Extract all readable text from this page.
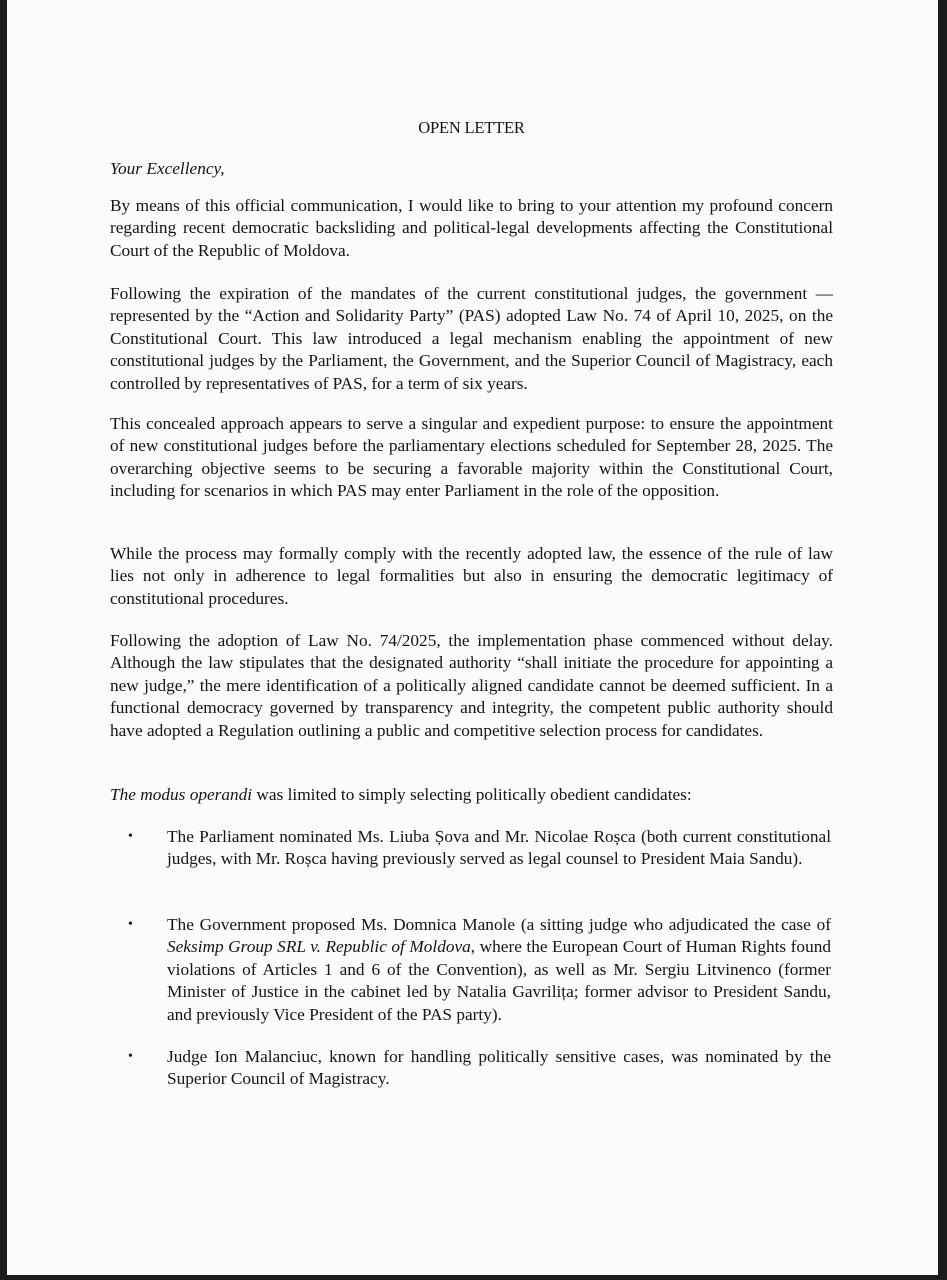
OPEN LETTER
Your Excellency,

By means of this official communication, I would like to bring to your attention my profound concern regarding recent democratic backsliding and political-legal developments affecting the Constitutional Court of the Republic of Moldova.

Following the expiration of the mandates of the current constitutional judges, the government — represented by the “Action and Solidarity Party” (PAS) adopted Law No. 74 of April 10, 2025, on the Constitutional Court. This law introduced a legal mechanism enabling the appointment of new constitutional judges by the Parliament, the Government, and the Superior Council of Magistracy, each controlled by representatives of PAS, for a term of six years.

This concealed approach appears to serve a singular and expedient purpose: to ensure the appointment of new constitutional judges before the parliamentary elections scheduled for September 28, 2025. The overarching objective seems to be securing a favorable majority within the Constitutional Court, including for scenarios in which PAS may enter Parliament in the role of the opposition.

While the process may formally comply with the recently adopted law, the essence of the rule of law lies not only in adherence to legal formalities but also in ensuring the democratic legitimacy of constitutional procedures.

Following the adoption of Law No. 74/2025, the implementation phase commenced without delay. Although the law stipulates that the designated authority “shall initiate the procedure for appointing a new judge,” the mere identification of a politically aligned candidate cannot be deemed sufficient. In a functional democracy governed by transparency and integrity, the competent public authority should have adopted a Regulation outlining a public and competitive selection process for candidates.

The modus operandi was limited to simply selecting politically obedient candidates:

• The Parliament nominated Ms. Liuba Șova and Mr. Nicolae Roșca (both current constitutional judges, with Mr. Roșca having previously served as legal counsel to President Maia Sandu).
• The Government proposed Ms. Domnica Manole (a sitting judge who adjudicated the case of Seksimp Group SRL v. Republic of Moldova, where the European Court of Human Rights found violations of Articles 1 and 6 of the Convention), as well as Mr. Sergiu Litvinenco (former Minister of Justice in the cabinet led by Natalia Gavrilița; former advisor to President Sandu, and previously Vice President of the PAS party).
• Judge Ion Malanciuc, known for handling politically sensitive cases, was nominated by the Superior Council of Magistracy.
